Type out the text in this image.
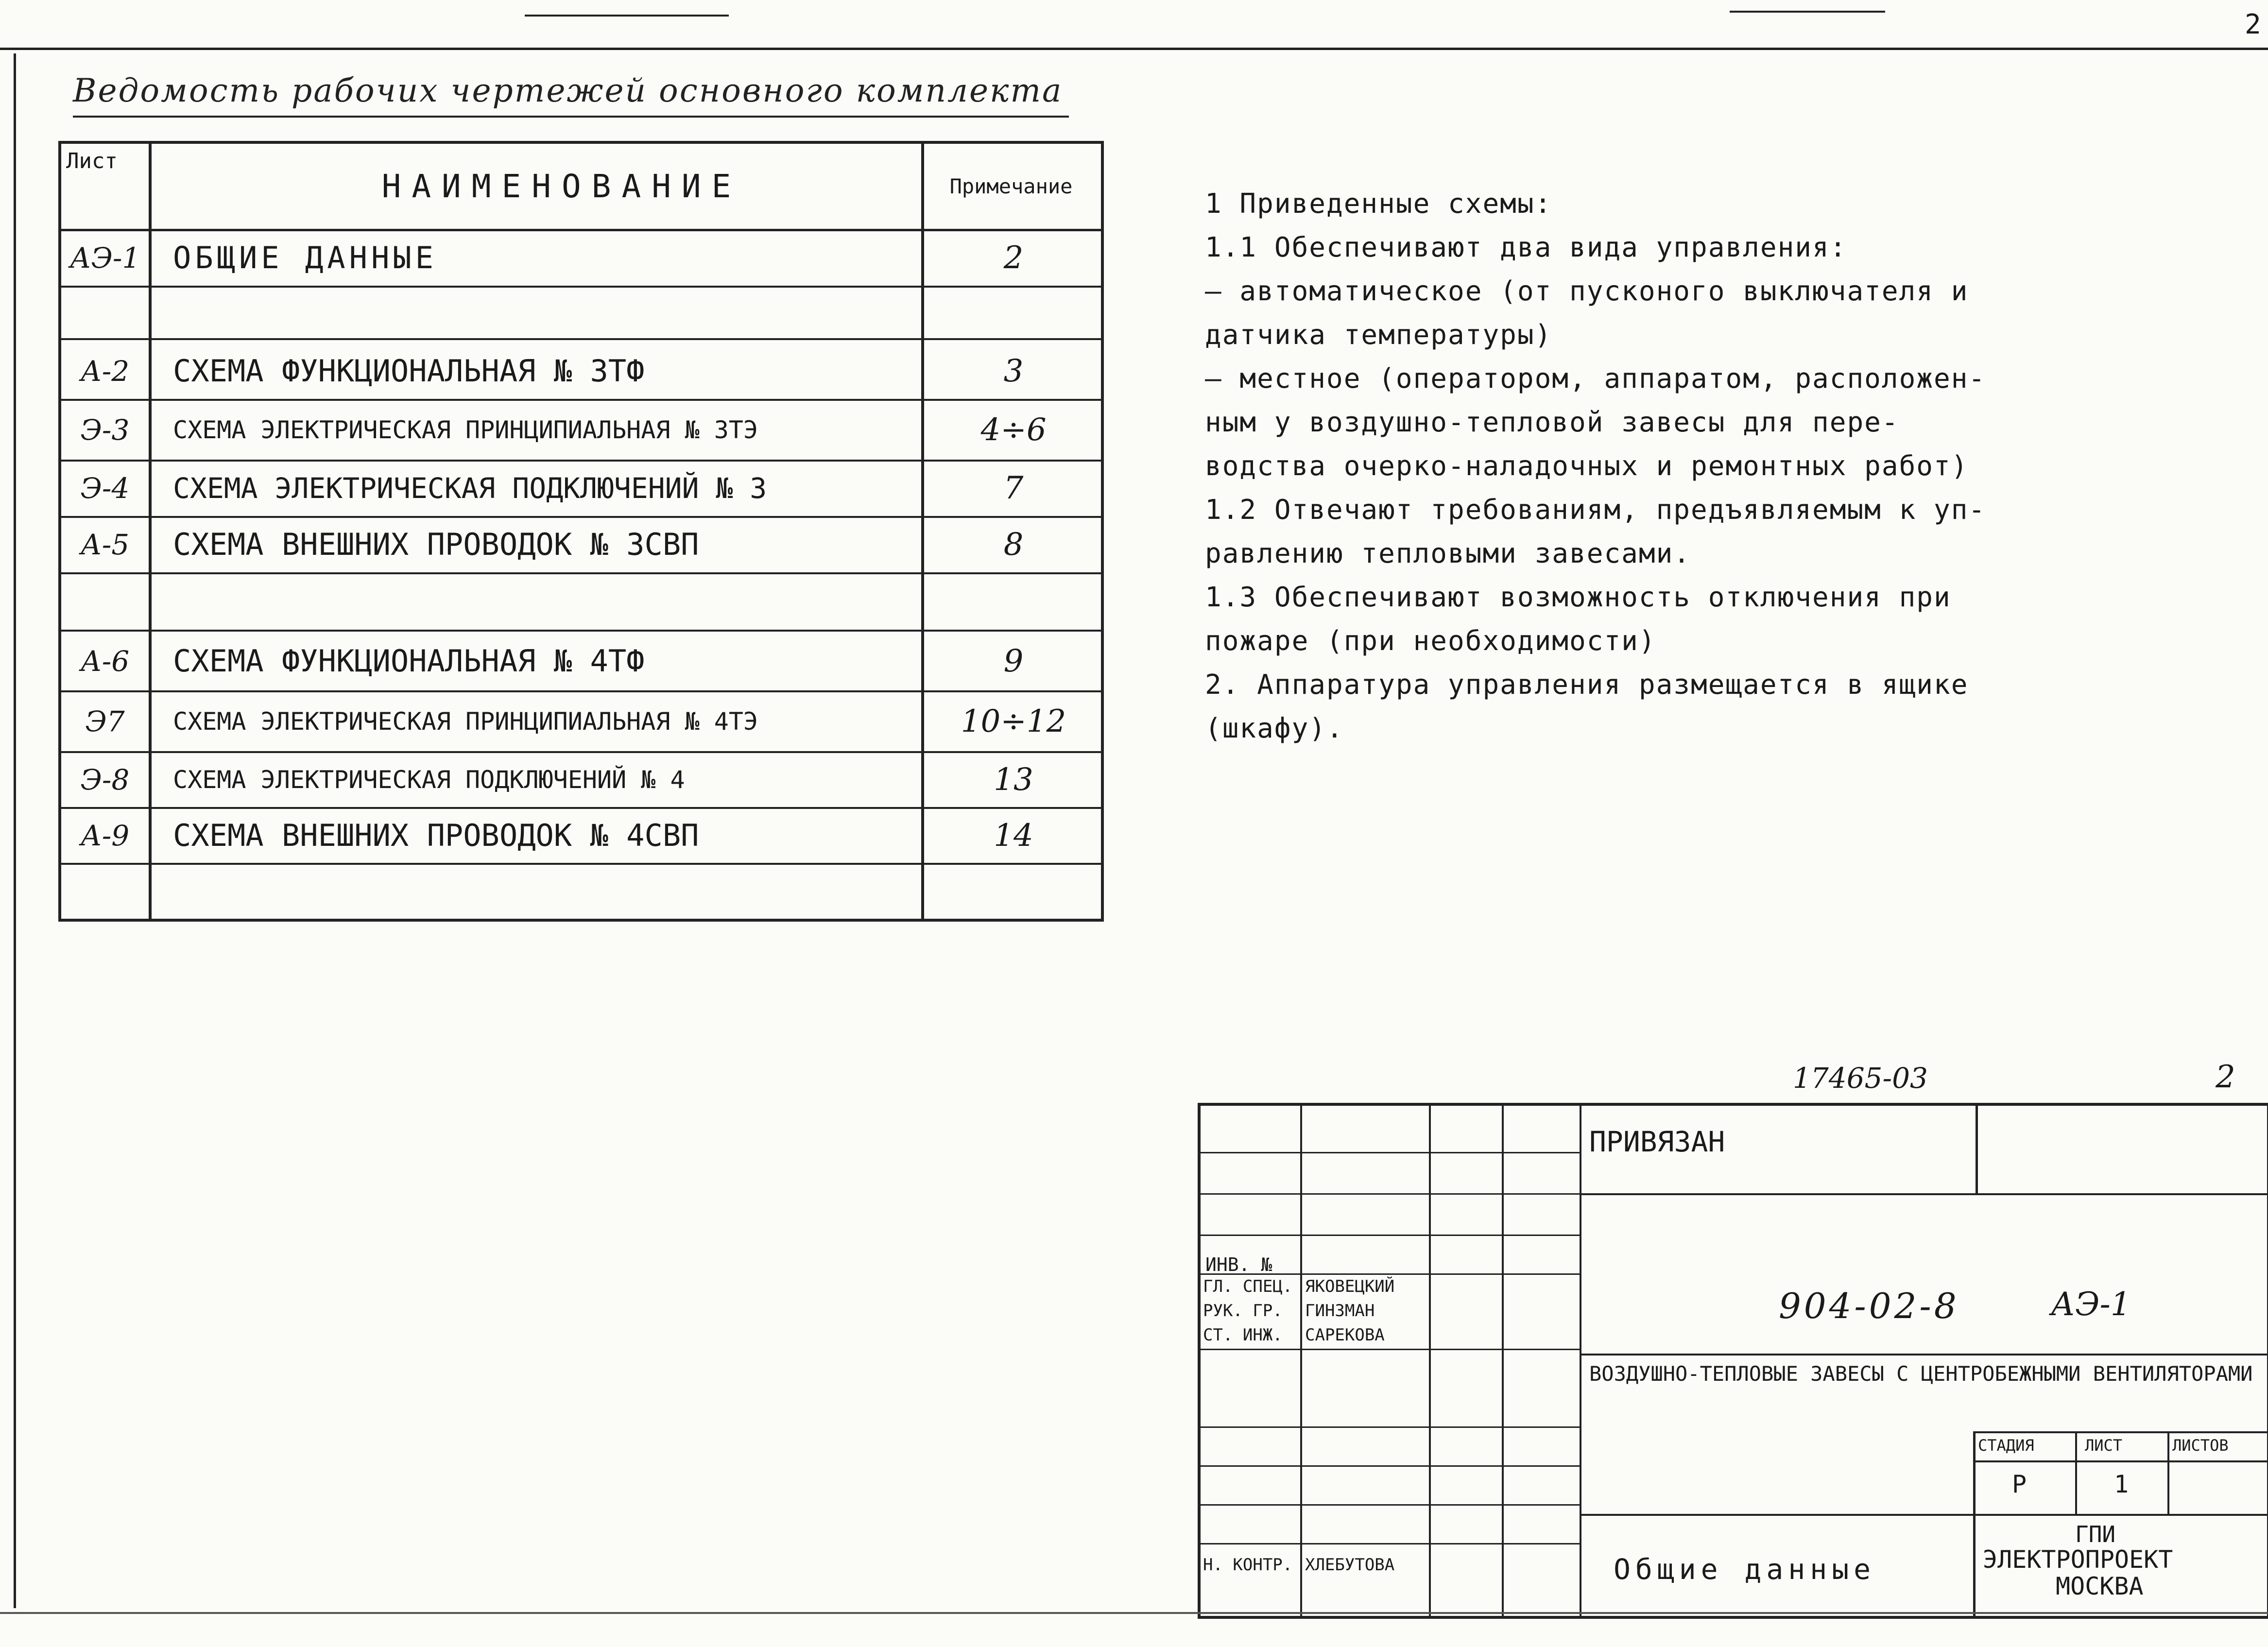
2
Ведомость рабочих чертежей основного комплекта
Лист
НАИМЕНОВАНИЕ	Примечание
АЭ-1 ОБЩИЕ ДАННЫЕ	2
А-2	СХЕМА ФУНКЦИОНАЛЬНАЯ № 3ТФ	3
Э-3	СХЕМА ЭЛЕКТРИЧЕСКАЯ ПРИНЦИПИАЛЬНАЯ № 3ТЭ	4÷6
Э-4	СХЕМА ЭЛЕКТРИЧЕСКАЯ ПОДКЛЮЧЕНИЙ № 3	7
А-5	СХЕМА ВНЕШНИХ ПРОВОДОК № 3СВП	8
А-6	СХЕМА ФУНКЦИОНАЛЬНАЯ № 4ТФ	9
Э7	СХЕМА ЭЛЕКТРИЧЕСКАЯ ПРИНЦИПИАЛЬНАЯ № 4ТЭ	10÷12
Э-8	СХЕМА ЭЛЕКТРИЧЕСКАЯ ПОДКЛЮЧЕНИЙ № 4	13
А-9	СХЕМА ВНЕШНИХ ПРОВОДОК № 4СВП	14
1 Приведенные схемы:
1.1 Обеспечивают два вида управления:
— автоматическое (от пусконого выключателя и
датчика температуры)
— местное (оператором, аппаратом, расположен-
ным у воздушно-тепловой завесы для пере-
водства очерко-наладочных и ремонтных работ)
1.2 Отвечают требованиям, предъявляемым к уп-
равлению тепловыми завесами.
1.3 Обеспечивают возможность отключения при
пожаре (при необходимости)
2. Аппаратура управления размещается в ящике
(шкафу).
17465-03	2
ПРИВЯЗАН
ИНВ. №
ГЛ. СПЕЦ. ЯКОВЕЦКИЙ
РУК. ГР. ГИНЗМАН
СТ. ИНЖ. САРЕКОВА
Н. КОНТР. ХЛЕБУТОВА
904-02-8	АЭ-1
ВОЗДУШНО-ТЕПЛОВЫЕ ЗАВЕСЫ С ЦЕНТРОБЕЖНЫМИ ВЕНТИЛЯТОРАМИ
СТАДИЯ	ЛИСТ	ЛИСТОВ
Р	1
Общие данные
ГПИ
ЭЛЕКТРОПРОЕКТ
МОСКВА
